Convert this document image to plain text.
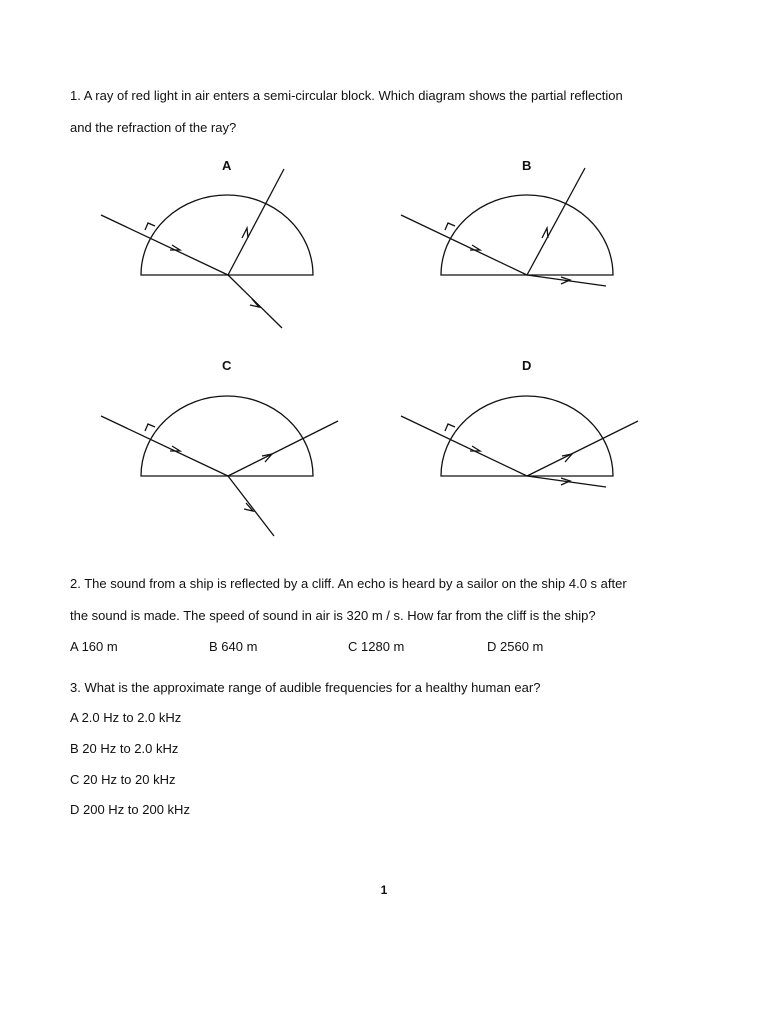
1. A ray of red light in air enters a semi-circular block. Which diagram shows the partial reflection
and the refraction of the ray?
A	B
C	D
2. The sound from a ship is reflected by a cliff. An echo is heard by a sailor on the ship 4.0 s after
the sound is made. The speed of sound in air is 320 m / s. How far from the cliff is the ship?
A 160 m	B 640 m	C 1280 m	D 2560 m
3. What is the approximate range of audible frequencies for a healthy human ear?
A 2.0 Hz to 2.0 kHz
B 20 Hz to 2.0 kHz
C 20 Hz to 20 kHz
D 200 Hz to 200 kHz
1
